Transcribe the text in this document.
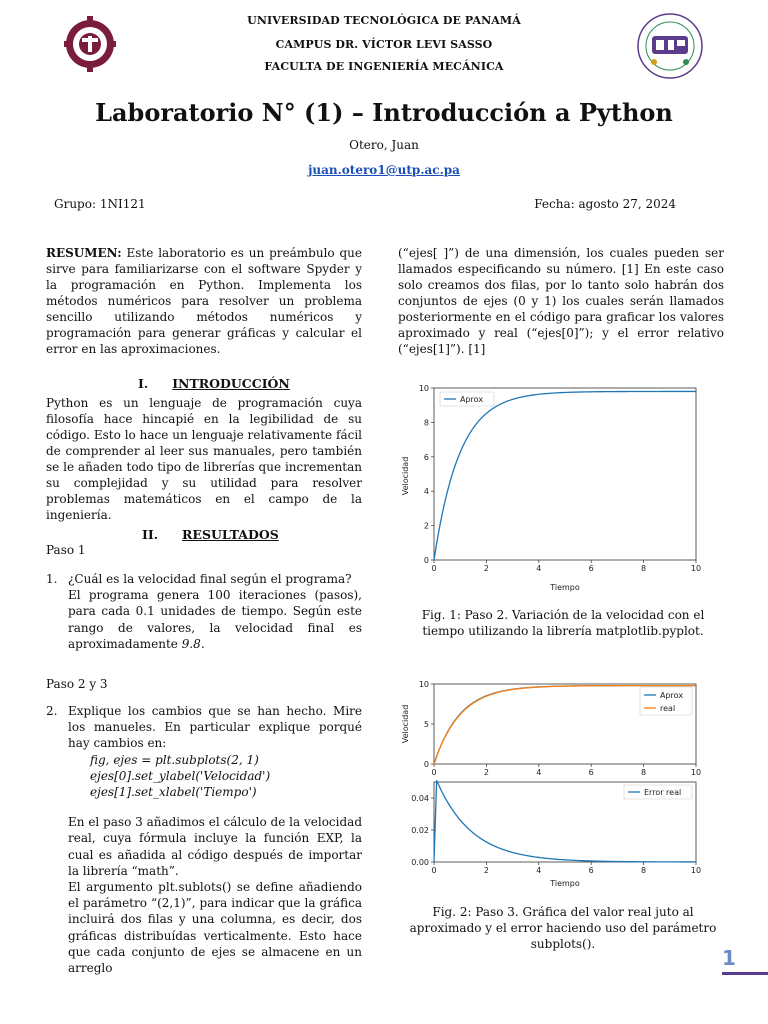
UNIVERSIDAD TECNOLÓGICA DE PANAMÁ
CAMPUS DR. VÍCTOR LEVI SASSO
FACULTA DE INGENIERÍA MECÁNICA
Laboratorio N° (1) – Introducción a Python
Otero, Juan
juan.otero1@utp.ac.pa
Grupo: 1NI121	Fecha: agosto 27, 2024

RESUMEN: Este laboratorio es un preámbulo que sirve para familiarizarse con el software Spyder y la programación en Python. Implementa los métodos numéricos para resolver un problema sencillo utilizando métodos numéricos y programación para generar gráficas y calcular el error en las aproximaciones.

I. INTRODUCCIÓN

Python es un lenguaje de programación cuya filosofía hace hincapié en la legibilidad de su código. Esto lo hace un lenguaje relativamente fácil de comprender al leer sus manuales, pero también se le añaden todo tipo de librerías que incrementan su complejidad y su utilidad para resolver problemas matemáticos en el campo de la ingeniería.

II. RESULTADOS
Paso 1
1. ¿Cuál es la velocidad final según el programa?
El programa genera 100 iteraciones (pasos), para cada 0.1 unidades de tiempo. Según este rango de valores, la velocidad final es aproximadamente 9.8.
Paso 2 y 3
2. Explique los cambios que se han hecho. Mire los manueles. En particular explique porqué hay cambios en:
fig, ejes = plt.subplots(2, 1)
ejes[0].set_ylabel('Velocidad')
ejes[1].set_xlabel('Tiempo')
En el paso 3 añadimos el cálculo de la velocidad real, cuya fórmula incluye la función EXP, la cual es añadida al código después de importar la librería “math”.
El argumento plt.sublots() se define añadiendo el parámetro “(2,1)”, para indicar que la gráfica incluirá dos filas y una columna, es decir, dos gráficas distribuídas verticalmente. Esto hace que cada conjunto de ejes se almacene en un arreglo

(“ejes[ ]”) de una dimensión, los cuales pueden ser llamados especificando su número. [1] En este caso solo creamos dos filas, por lo tanto solo habrán dos conjuntos de ejes (0 y 1) los cuales serán llamados posteriormente en el código para graficar los valores aproximado y real (“ejes[0]”); y el error relativo (“ejes[1]”). [1]

0	2	4	6	8	10
0
2
4
6
8
10
Aprox
Tiempo
Velocidad
Fig. 1: Paso 2. Variación de la velocidad con el tiempo utilizando la librería matplotlib.pyplot.
0	2	4	6	8	10
0
5
10
Aprox
real
Velocidad
0	2	4	6	8	10
0.00
0.02
0.04
Error real
Tiempo
Fig. 2: Paso 3. Gráfica del valor real juto al aproximado y el error haciendo uso del parámetro subplots().
1
